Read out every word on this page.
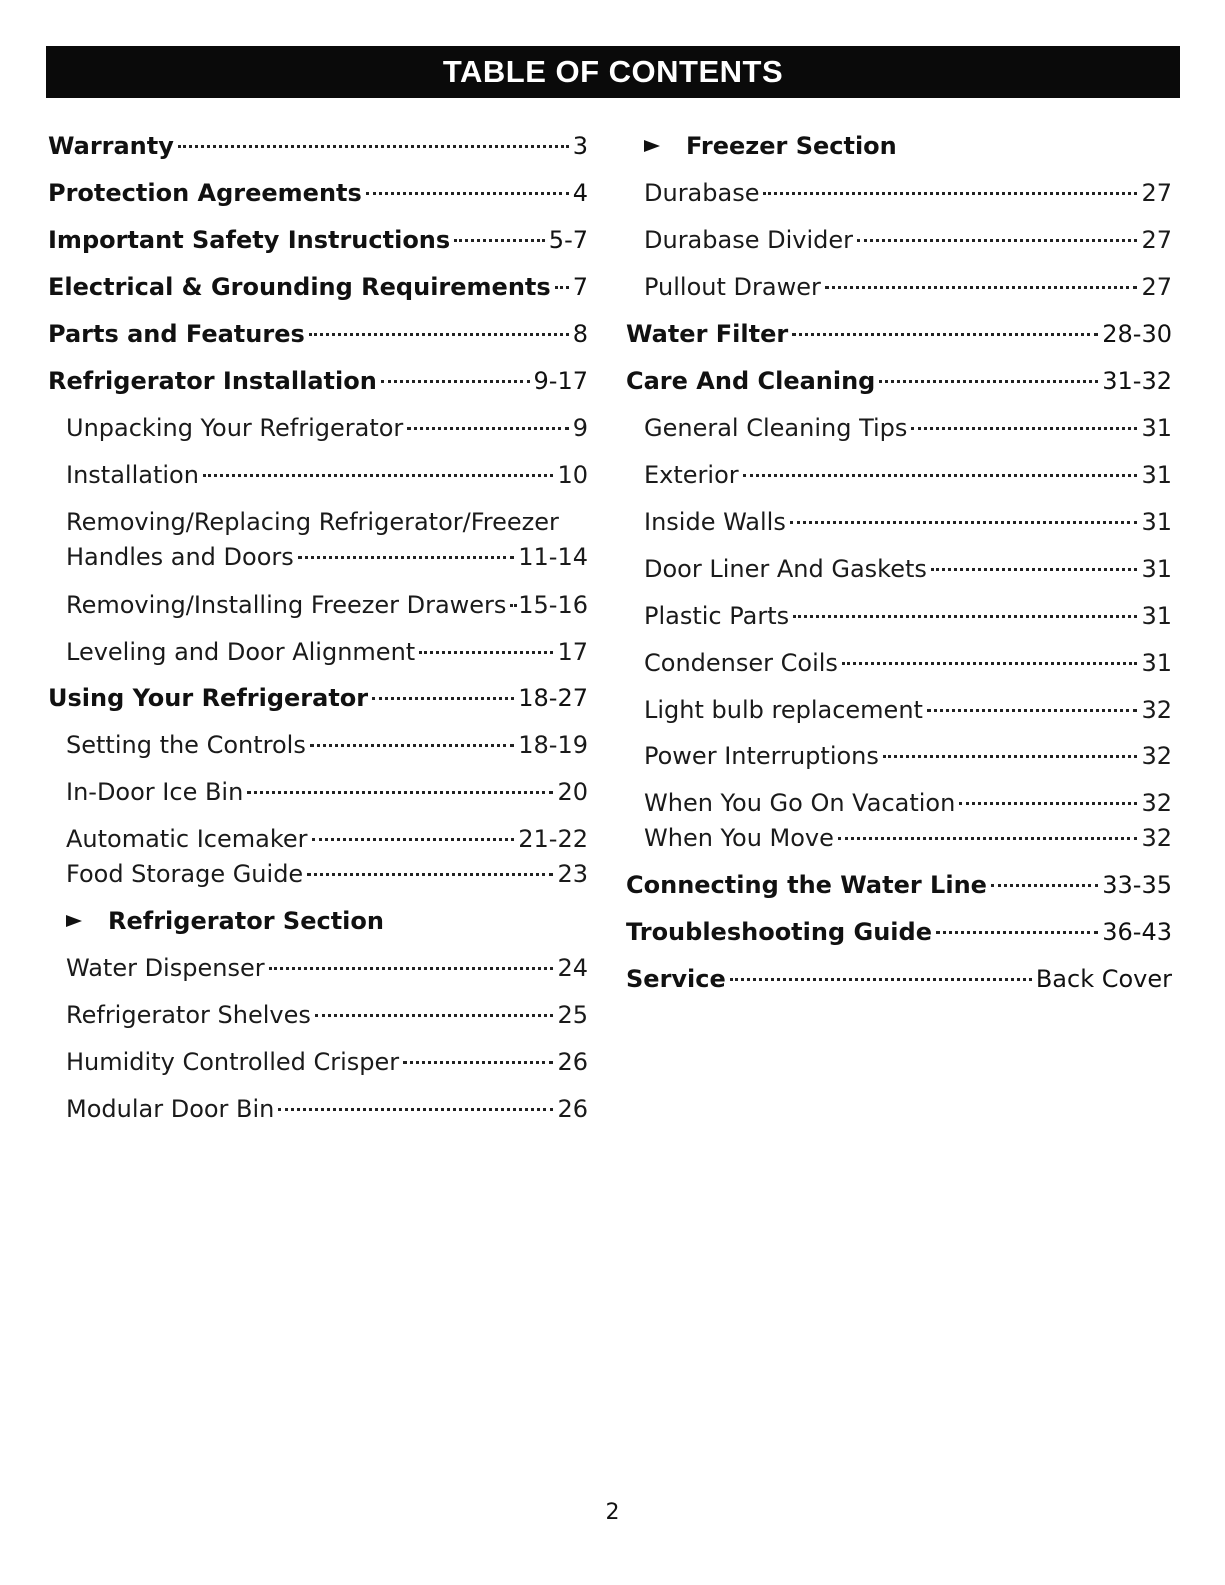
TABLE OF CONTENTS
Warranty	3
Protection Agreements	4
Important Safety Instructions	5-7
Electrical & Grounding Requirements 7
Parts and Features	8
Refrigerator Installation	9-17
Unpacking Your Refrigerator	9
Installation	10
Removing/Replacing Refrigerator/Freezer
Handles and Doors	11-14
Removing/Installing Freezer Drawers 15-16
Leveling and Door Alignment	17
Using Your Refrigerator	18-27
Setting the Controls	18-19
In-Door Ice Bin	20
Automatic Icemaker	21-22
Food Storage Guide	23
Refrigerator Section
Water Dispenser	24
Refrigerator Shelves	25
Humidity Controlled Crisper	26
Modular Door Bin	26
Freezer Section
Durabase	27
Durabase Divider	27
Pullout Drawer	27
Water Filter	28-30
Care And Cleaning	31-32
General Cleaning Tips	31
Exterior	31
Inside Walls	31
Door Liner And Gaskets	31
Plastic Parts	31
Condenser Coils	31
Light bulb replacement	32
Power Interruptions	32
When You Go On Vacation	32
When You Move	32
Connecting the Water Line	33-35
Troubleshooting Guide	36-43
Service	Back Cover
2
